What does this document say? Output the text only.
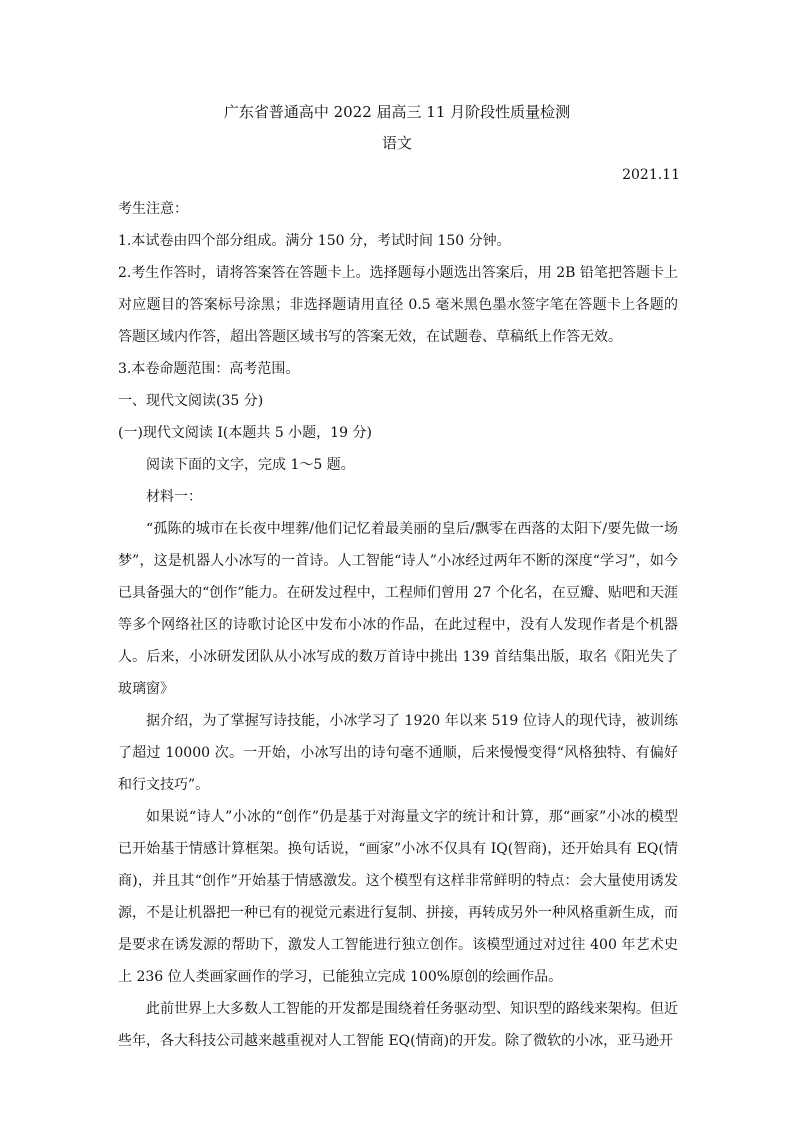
广东省普通高中 2022 届高三 11 月阶段性质量检测
语文
2021.11

考生注意：

1.本试卷由四个部分组成。满分 150 分，考试时间 150 分钟。

2.考生作答时，请将答案答在答题卡上。选择题每小题选出答案后，用 2B 铅笔把答题卡上对应题目的答案标号涂黑；非选择题请用直径 0.5 毫米黑色墨水签字笔在答题卡上各题的答题区域内作答，超出答题区域书写的答案无效，在试题卷、草稿纸上作答无效。

3.本卷命题范围：高考范围。

一、现代文阅读(35 分)

(一)现代文阅读 I(本题共 5 小题，19 分)

阅读下面的文字，完成 1～5 题。

材料一：

“孤陈的城市在长夜中埋葬/他们记忆着最美丽的皇后/飘零在西落的太阳下/要先做一场梦”，这是机器人小冰写的一首诗。人工智能“诗人”小冰经过两年不断的深度“学习”，如今已具备强大的“创作”能力。在研发过程中，工程师们曾用 27 个化名，在豆瓣、贴吧和天涯等多个网络社区的诗歌讨论区中发布小冰的作品，在此过程中，没有人发现作者是个机器人。后来，小冰研发团队从小冰写成的数万首诗中挑出 139 首结集出版，取名《阳光失了玻璃窗》

据介绍，为了掌握写诗技能，小冰学习了 1920 年以来 519 位诗人的现代诗，被训练了超过 10000 次。一开始，小冰写出的诗句毫不通顺，后来慢慢变得“风格独特、有偏好和行文技巧”。

如果说“诗人”小冰的“创作”仍是基于对海量文字的统计和计算，那“画家”小冰的模型已开始基于情感计算框架。换句话说，“画家”小冰不仅具有 IQ(智商)，还开始具有 EQ(情商)，并且其“创作”开始基于情感激发。这个模型有这样非常鲜明的特点：会大量使用诱发源，不是让机器把一种已有的视觉元素进行复制、拼接，再转成另外一种风格重新生成，而是要求在诱发源的帮助下，激发人工智能进行独立创作。该模型通过对过往 400 年艺术史上 236 位人类画家画作的学习，已能独立完成 100%原创的绘画作品。

此前世界上大多数人工智能的开发都是围绕着任务驱动型、知识型的路线来架构。但近些年，各大科技公司越来越重视对人工智能 EQ(情商)的开发。除了微软的小冰，亚马逊开
